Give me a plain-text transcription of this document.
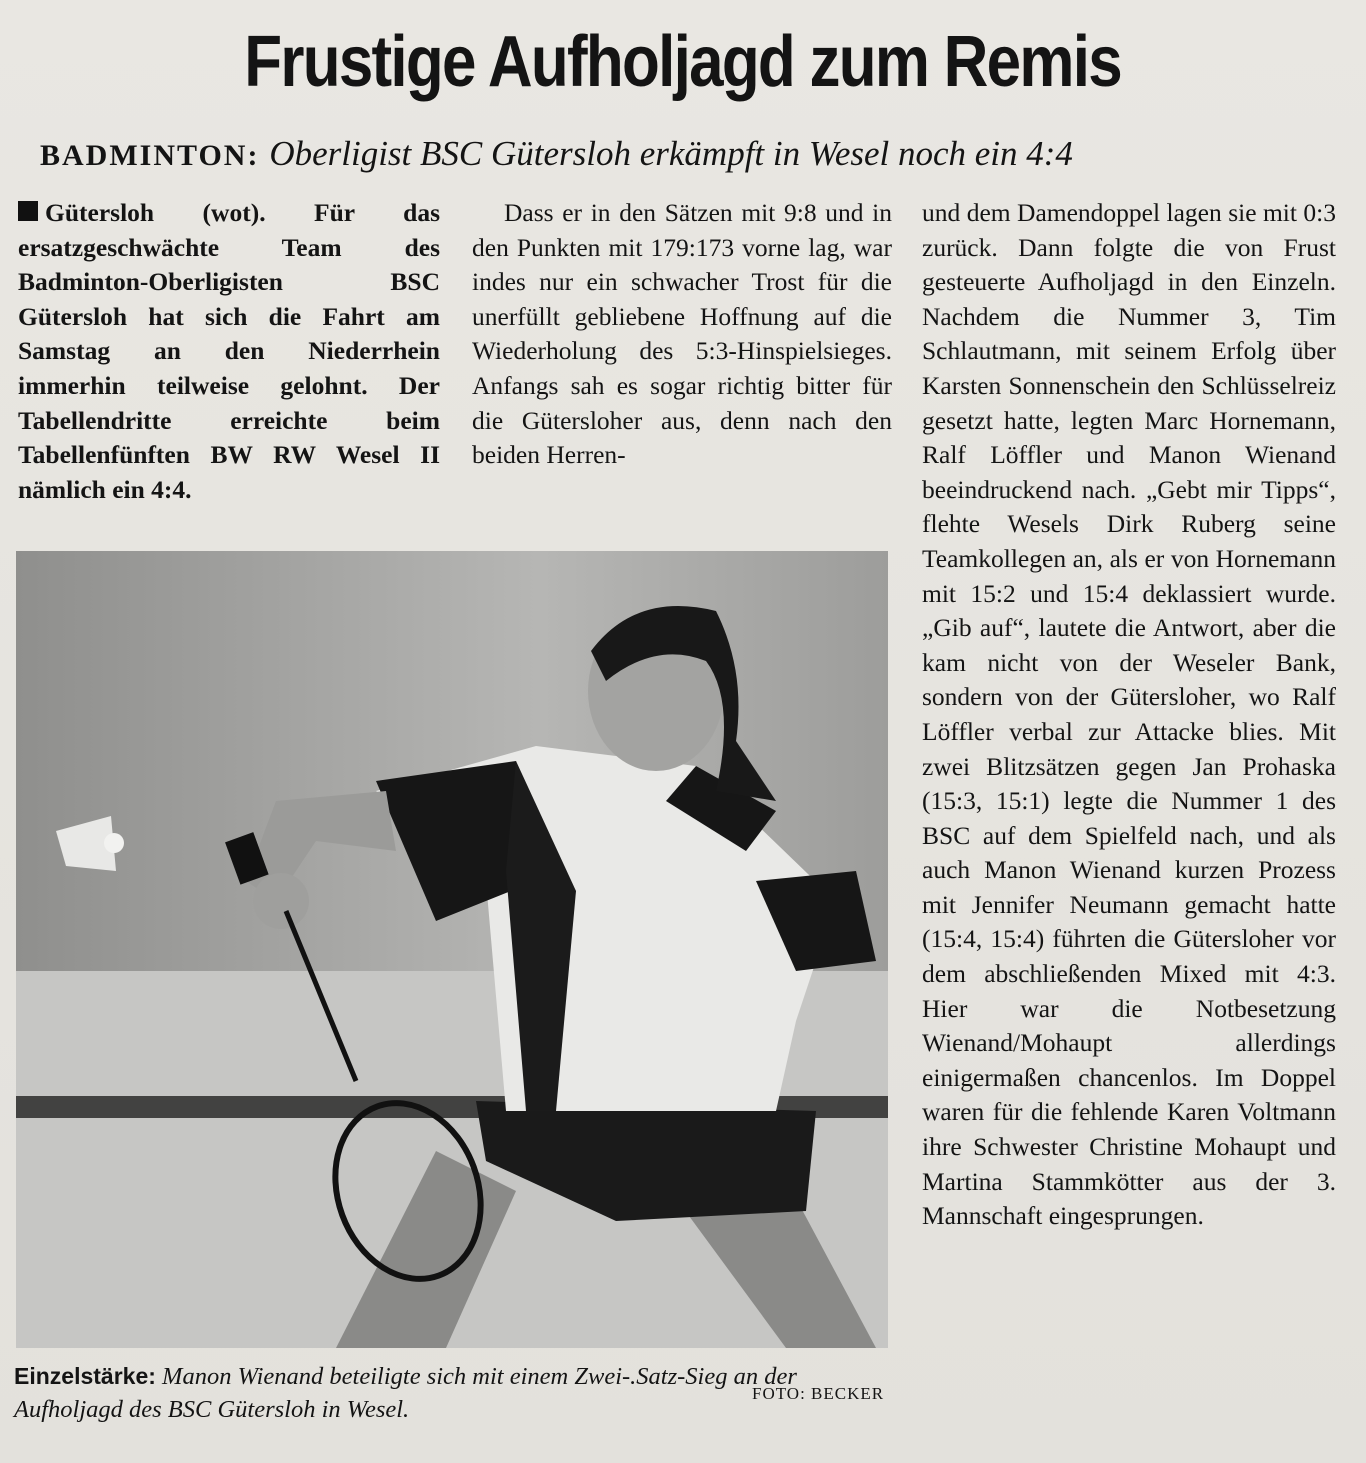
Frustige Aufholjagd zum Remis
BADMINTON: Oberligist BSC Gütersloh erkämpft in Wesel noch ein 4:4

Gütersloh (wot). Für das ersatzgeschwächte Team des Badminton-Oberligisten BSC Gütersloh hat sich die Fahrt am Samstag an den Niederrhein immerhin teilweise gelohnt. Der Tabellendritte erreichte beim Tabellenfünften BW RW Wesel II nämlich ein 4:4.

Dass er in den Sätzen mit 9:8 und in den Punkten mit 179:173 vorne lag, war indes nur ein schwacher Trost für die unerfüllt gebliebene Hoffnung auf die Wiederholung des 5:3-Hinspielsieges. Anfangs sah es sogar richtig bitter für die Gütersloher aus, denn nach den beiden Herren-

und dem Damendoppel lagen sie mit 0:3 zurück. Dann folgte die von Frust gesteuerte Aufholjagd in den Einzeln. Nachdem die Nummer 3, Tim Schlautmann, mit seinem Erfolg über Karsten Sonnenschein den Schlüsselreiz gesetzt hatte, legten Marc Hornemann, Ralf Löffler und Manon Wienand beeindruckend nach. „Gebt mir Tipps“, flehte Wesels Dirk Ruberg seine Teamkollegen an, als er von Hornemann mit 15:2 und 15:4 deklassiert wurde. „Gib auf“, lautete die Antwort, aber die kam nicht von der Weseler Bank, sondern von der Gütersloher, wo Ralf Löffler verbal zur Attacke blies. Mit zwei Blitzsätzen gegen Jan Prohaska (15:3, 15:1) legte die Nummer 1 des BSC auf dem Spielfeld nach, und als auch Manon Wienand kurzen Prozess mit Jennifer Neumann gemacht hatte (15:4, 15:4) führten die Gütersloher vor dem abschließenden Mixed mit 4:3. Hier war die Notbesetzung Wienand/Mohaupt allerdings einigermaßen chancenlos. Im Doppel waren für die fehlende Karen Voltmann ihre Schwester Christine Mohaupt und Martina Stammkötter aus der 3. Mannschaft eingesprungen.

Einzelstärke: Manon Wienand beteiligte sich mit einem Zwei-.Satz-Sieg an der Aufholjagd des BSC Gütersloh in Wesel.
FOTO: BECKER
